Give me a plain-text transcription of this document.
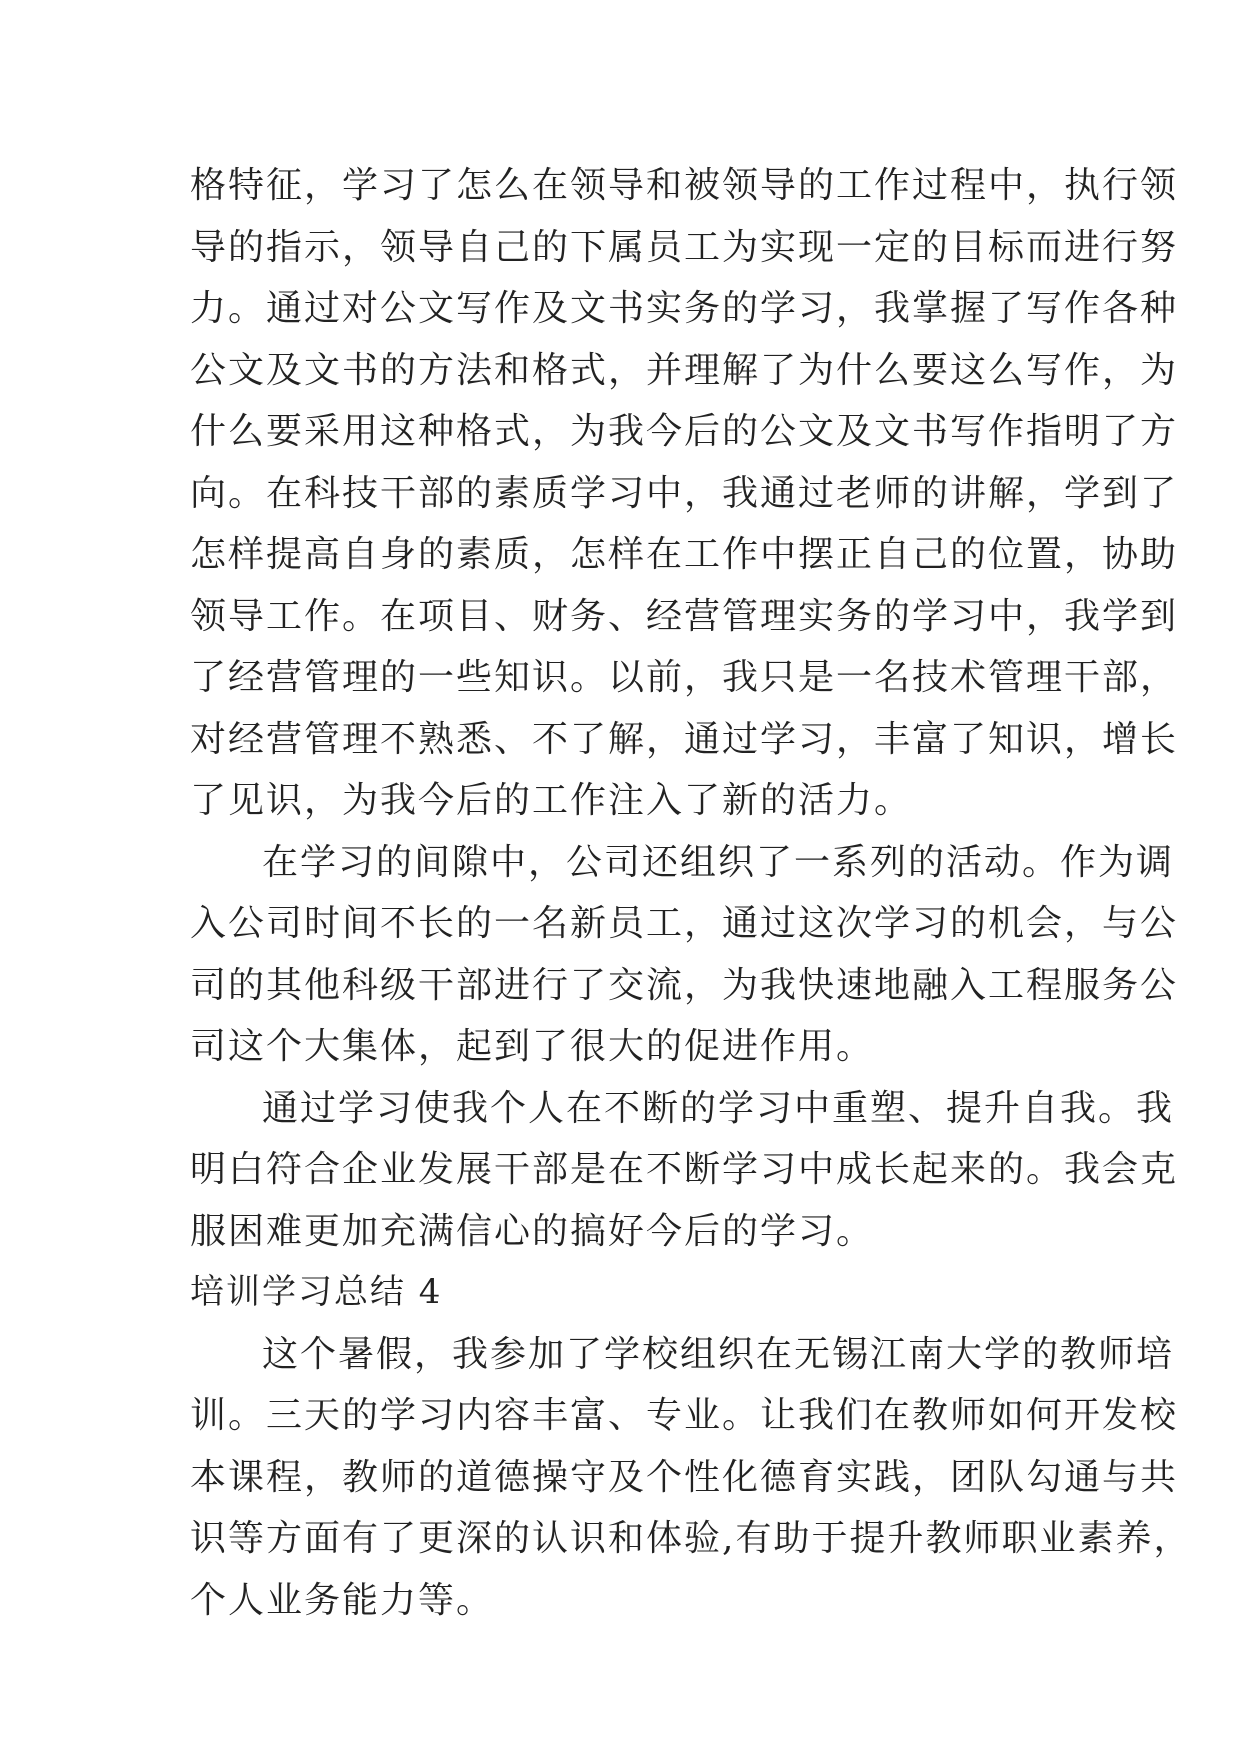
格特征，学习了怎么在领导和被领导的工作过程中，执行领
导的指示，领导自己的下属员工为实现一定的目标而进行努
力。通过对公文写作及文书实务的学习，我掌握了写作各种
公文及文书的方法和格式，并理解了为什么要这么写作，为
什么要采用这种格式，为我今后的公文及文书写作指明了方
向。在科技干部的素质学习中，我通过老师的讲解，学到了
怎样提高自身的素质，怎样在工作中摆正自己的位置，协助
领导工作。在项目、财务、经营管理实务的学习中，我学到
了经营管理的一些知识。以前，我只是一名技术管理干部，
对经营管理不熟悉、不了解，通过学习，丰富了知识，增长
了见识，为我今后的工作注入了新的活力。
在学习的间隙中，公司还组织了一系列的活动。作为调
入公司时间不长的一名新员工，通过这次学习的机会，与公
司的其他科级干部进行了交流，为我快速地融入工程服务公
司这个大集体，起到了很大的促进作用。
通过学习使我个人在不断的学习中重塑、提升自我。我
明白符合企业发展干部是在不断学习中成长起来的。我会克
服困难更加充满信心的搞好今后的学习。
培训学习总结 4
这个暑假，我参加了学校组织在无锡江南大学的教师培
训。三天的学习内容丰富、专业。让我们在教师如何开发校
本课程，教师的道德操守及个性化德育实践，团队勾通与共
识等方面有了更深的认识和体验,有助于提升教师职业素养，
个人业务能力等。
